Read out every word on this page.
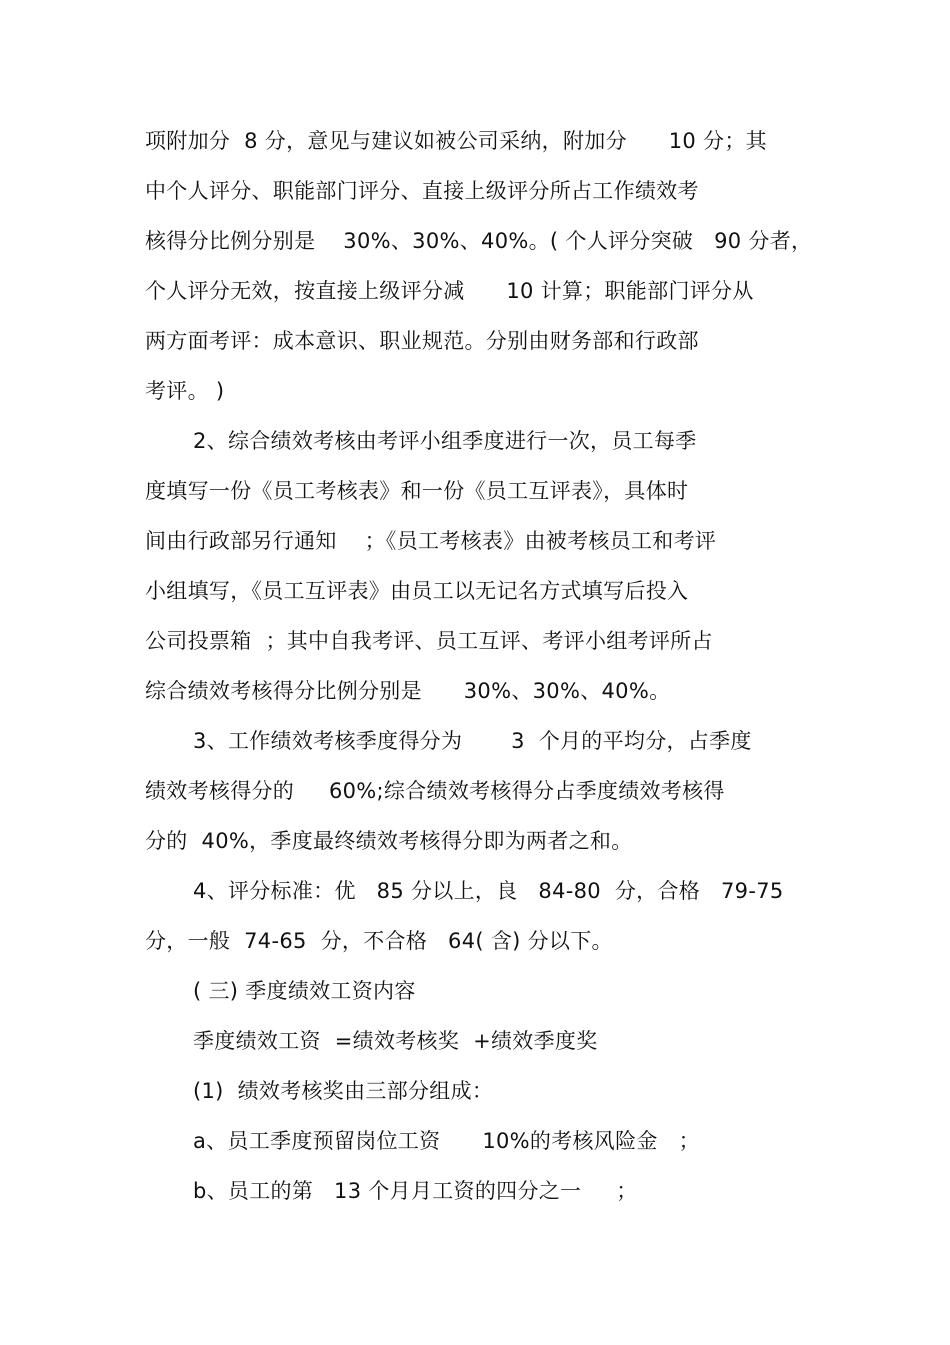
项附加分  8 分，意见与建议如被公司采纳，附加分      10 分；其
中个人评分、职能部门评分、直接上级评分所占工作绩效考
核得分比例分别是    30%、30%、40%。( 个人评分突破   90 分者，
个人评分无效，按直接上级评分减      10 计算；职能部门评分从
两方面考评：成本意识、职业规范。分别由财务部和行政部
考评。 )
2、综合绩效考核由考评小组季度进行一次，员工每季
度填写一份《员工考核表》和一份《员工互评表》，具体时
间由行政部另行通知    ；《员工考核表》由被考核员工和考评
小组填写，《员工互评表》由员工以无记名方式填写后投入
公司投票箱  ；其中自我考评、员工互评、考评小组考评所占
综合绩效考核得分比例分别是      30%、30%、40%。
3、工作绩效考核季度得分为       3  个月的平均分，占季度
绩效考核得分的     60%;综合绩效考核得分占季度绩效考核得
分的  40%，季度最终绩效考核得分即为两者之和。
4、评分标准：优   85 分以上，良   84-80  分，合格   79-75
分，一般  74-65  分，不合格   64( 含) 分以下。
( 三) 季度绩效工资内容
季度绩效工资  =绩效考核奖  +绩效季度奖
(1)  绩效考核奖由三部分组成：
a、员工季度预留岗位工资      10%的考核风险金   ；
b、员工的第   13 个月月工资的四分之一     ；
